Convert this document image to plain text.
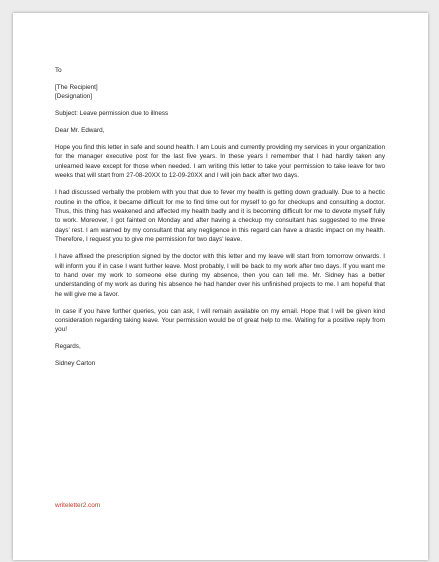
To

[The Recipient]

[Designation]

Subject: Leave permission due to illness

Dear Mr. Edward,

Hope you find this letter in safe and sound health. I am Louis and currently providing my services in your organization for the manager executive post for the last five years. In these years I remember that I had hardly taken any unlearned leave except for those when needed. I am writing this letter to take your permission to take leave for two weeks that will start from 27-08-20XX to 12-09-20XX and I will join back after two days.

I had discussed verbally the problem with you that due to fever my health is getting down gradually. Due to a hectic routine in the office, it became difficult for me to find time out for myself to go for checkups and consulting a doctor. Thus, this thing has weakened and affected my health badly and it is becoming difficult for me to devote myself fully to work. Moreover, I got fainted on Monday and after having a checkup my consultant has suggested to me three days’ rest. I am warned by my consultant that any negligence in this regard can have a drastic impact on my health. Therefore, I request you to give me permission for two days’ leave.

I have affixed the prescription signed by the doctor with this letter and my leave will start from tomorrow onwards. I will inform you if in case I want further leave. Most probably, I will be back to my work after two days. If you want me to hand over my work to someone else during my absence, then you can tell me. Mr. Sidney has a better understanding of my work as during his absence he had hander over his unfinished projects to me. I am hopeful that he will give me a favor.

In case if you have further queries, you can ask, I will remain available on my email. Hope that I will be given kind consideration regarding taking leave. Your permission would be of great help to me. Waiting for a positive reply from you!

Regards,

Sidney Carton

writeletter2.com
